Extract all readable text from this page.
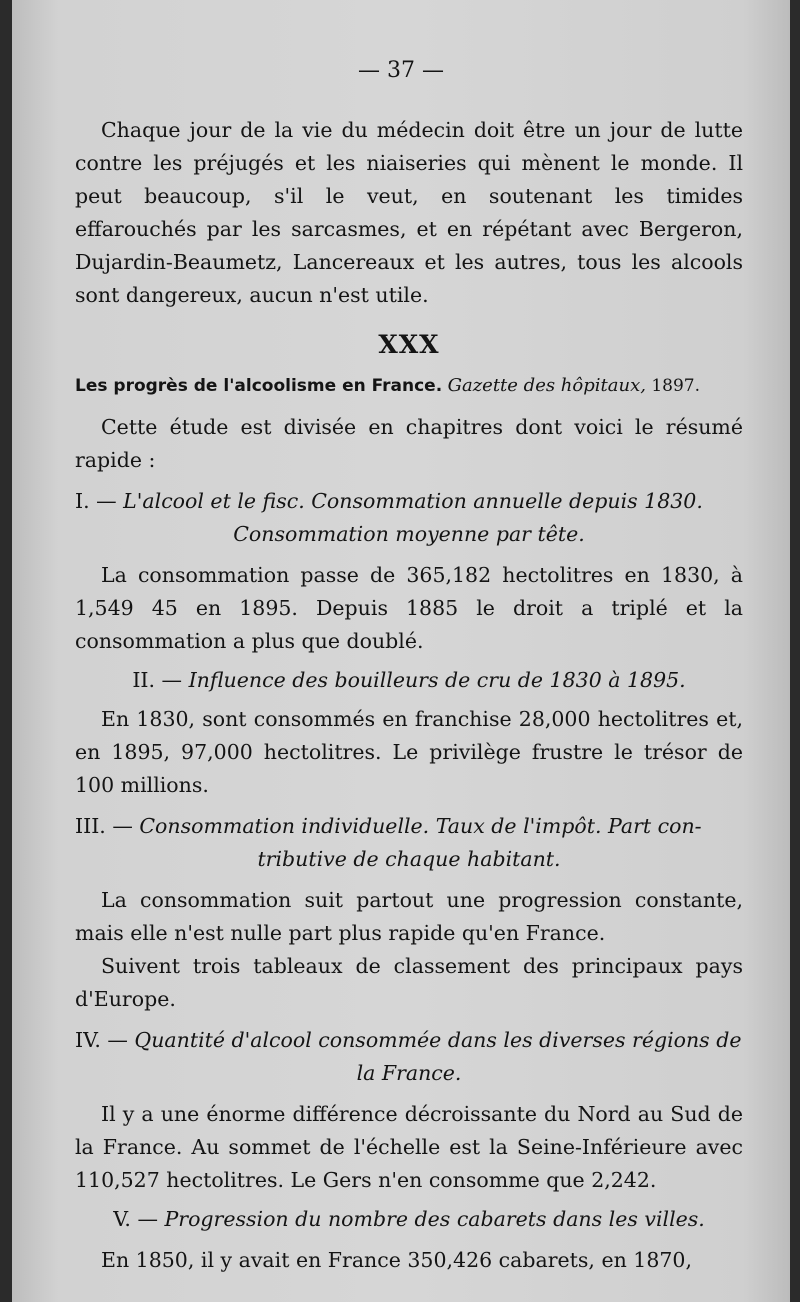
— 37 —

Chaque jour de la vie du médecin doit être un jour de lutte contre les préjugés et les niaiseries qui mènent le monde. Il peut beaucoup, s'il le veut, en soutenant les timides effarouchés par les sarcasmes, et en répétant avec Bergeron, Dujardin-Beaumetz, Lancereaux et les autres, tous les alcools sont dangereux, aucun n'est utile.

XXX

Les progrès de l'alcoolisme en France. Gazette des hôpitaux, 1897.

Cette étude est divisée en chapitres dont voici le résumé rapide :

I. — L'alcool et le fisc. Consommation annuelle depuis 1830.

Consommation moyenne par tête.

La consommation passe de 365,182 hectolitres en 1830, à 1,549 45 en 1895. Depuis 1885 le droit a triplé et la consommation a plus que doublé.

II. — Influence des bouilleurs de cru de 1830 à 1895.

En 1830, sont consommés en franchise 28,000 hectolitres et, en 1895, 97,000 hectolitres. Le privilège frustre le trésor de 100 millions.

III. — Consommation individuelle. Taux de l'impôt. Part con-

tributive de chaque habitant.

La consommation suit partout une progression constante, mais elle n'est nulle part plus rapide qu'en France.

Suivent trois tableaux de classement des principaux pays d'Europe.

IV. — Quantité d'alcool consommée dans les diverses régions de

la France.

Il y a une énorme différence décroissante du Nord au Sud de la France. Au sommet de l'échelle est la Seine-Inférieure avec 110,527 hectolitres. Le Gers n'en consomme que 2,242.

V. — Progression du nombre des cabarets dans les villes.

En 1850, il y avait en France 350,426 cabarets, en 1870,
